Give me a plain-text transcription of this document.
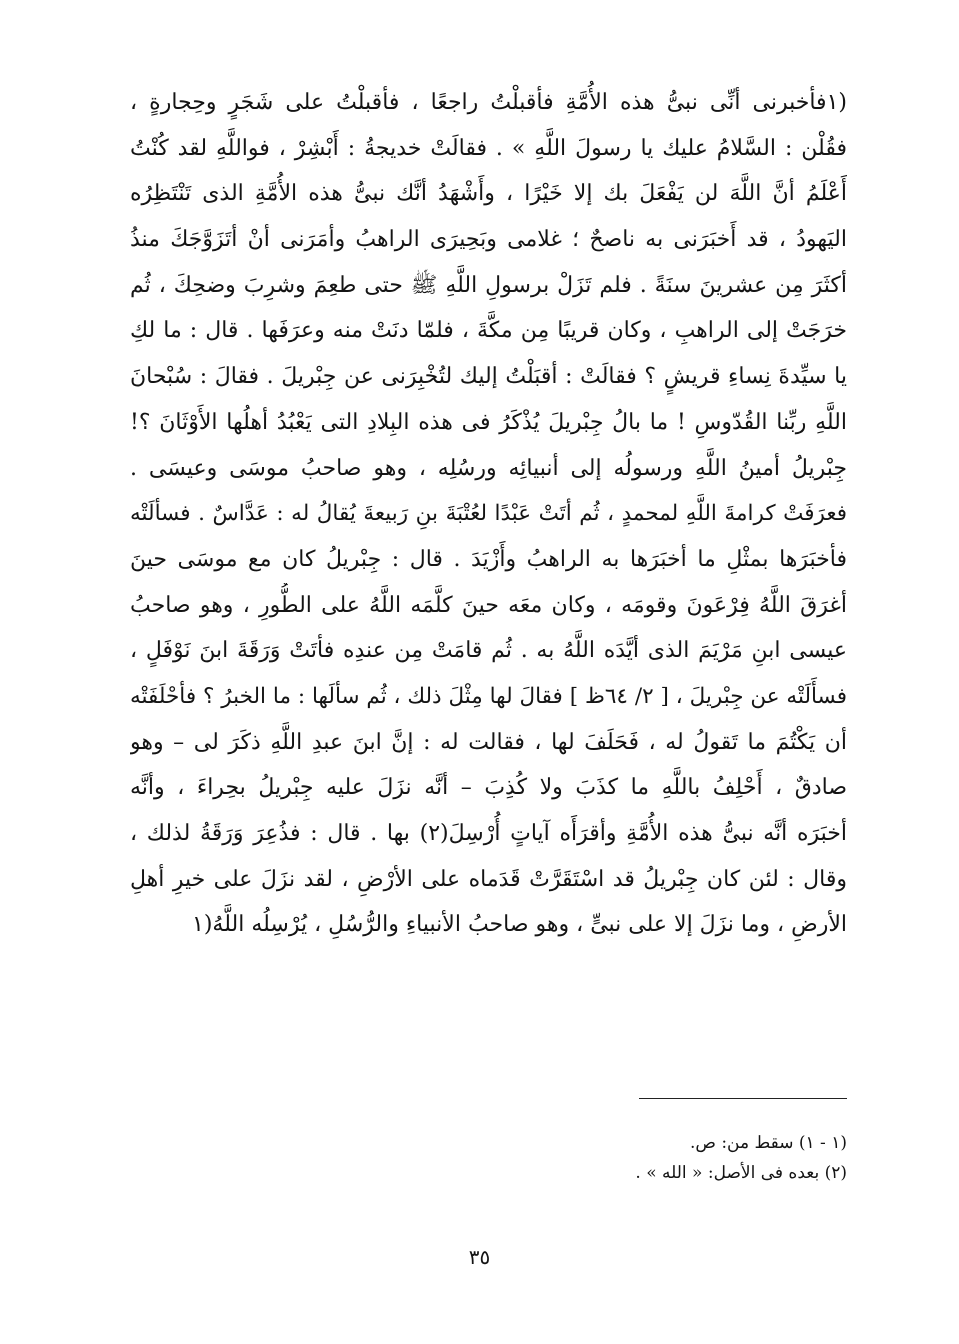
(١فأخبرنى أنِّى نبىُّ هذه الأُمَّةِ فأقبلْتُ راجعًا ، فأقبلْتُ على شَجَرٍ وحِجارةٍ ،
فقُلْن : السَّلامُ عليك يا رسولَ اللَّهِ » . فقالَتْ خديجةُ : أَبْشِرْ ، فواللَّهِ لقد كُنْتُ
أَعْلَمُ أنَّ اللَّهَ لن يَفْعَلَ بك إلا خَيْرًا ، وأَشْهَدُ أنَّك نبىُّ هذه الأُمَّةِ الذى تَنْتَظِرُه
اليَهودُ ، قد أَخبَرَنى به ناصحٌ ؛ غلامى وبَحِيرَى الراهبُ وأمَرَنى أنْ أتَزَوَّجَكَ منذُ
أكثَرَ مِن عشرينَ سنَةً . فلم تَزَلْ برسولِ اللَّهِ ﷺ حتى طعِمَ وشرِبَ وضحِكَ ، ثُم
خرَجَتْ إلى الراهبِ ، وكان قريبًا مِن مكَّةَ ، فلمّا دنَتْ منه وعرَفَها . قال : ما لكِ
يا سيِّدةَ نِساءِ قريشٍ ؟ فقالَتْ : أقبَلْتُ إليك لتُخْبِرَنى عن جِبْريلَ . فقالَ : سُبْحانَ
اللَّهِ ربِّنا القُدّوسِ ! ما بالُ جِبْريلَ يُذْكَرُ فى هذه البِلادِ التى يَعْبُدُ أهلُها الأَوْثَانَ ؟!
جِبْريلُ أمينُ اللَّهِ ورسولُه إلى أنبيائِه ورسُلِه ، وهو صاحبُ موسَى وعيسَى .
فعرَفَتْ كرامةَ اللَّهِ لمحمدٍ ، ثُم أتَتْ عَبْدًا لعُتْبَةَ بنِ رَبيعةَ يُقالُ له : عَدَّاسٌ . فسألَتْه
فأخبَرَها بمثْلِ ما أخبَرَها به الراهبُ وأَزْيَدَ . قال : جِبْريلُ كان مع موسَى حينَ
أغرَقَ اللَّهُ فِرْعَونَ وقومَه ، وكان معَه حينَ كلَّمَه اللَّهُ على الطُّورِ ، وهو صاحبُ
عيسى ابنِ مَرْيَمَ الذى أيَّدَه اللَّهُ به . ثُم قامَتْ مِن عندِه فأتَتْ وَرَقَةَ ابنَ نَوْفَلٍ ،
فسأَلَتْه عن جِبْريلَ ، [ ٢/ ٦٤ظ ] فقالَ لها مِثْلَ ذلك ، ثُم سألَها : ما الخبرُ ؟ فأحْلَفَتْه
أن يَكْتُمَ ما تَقولُ له ، فَحَلَفَ لها ، فقالت له : إنَّ ابنَ عبدِ اللَّهِ ذكَرَ لى – وهو
صادقٌ ، أَحْلِفُ باللَّهِ ما كذَبَ ولا كُذِبَ – أنَّه نزَلَ عليه جِبْريلُ بحِراءَ ، وأنَّه
أخبَرَه أنَّه نبىُّ هذه الأُمَّةِ وأقرَأَه آياتٍ أُرْسِلَ(٢) بها . قال : فذُعِرَ وَرَقَةُ لذلك ،
وقال : لئن كان جِبْريلُ قد اسْتَقَرَّتْ قَدَماه على الأرْضِ ، لقد نزَلَ على خيرِ أهلِ
الأرضِ ، وما نزَلَ إلا على نبىٍّ ، وهو صاحبُ الأنبياءِ والرُّسُلِ ، يُرْسِلُه اللَّهُ(١
(١ - ١) سقط من: ص.
(٢) بعده فى الأصل: « الله » .
٣٥
